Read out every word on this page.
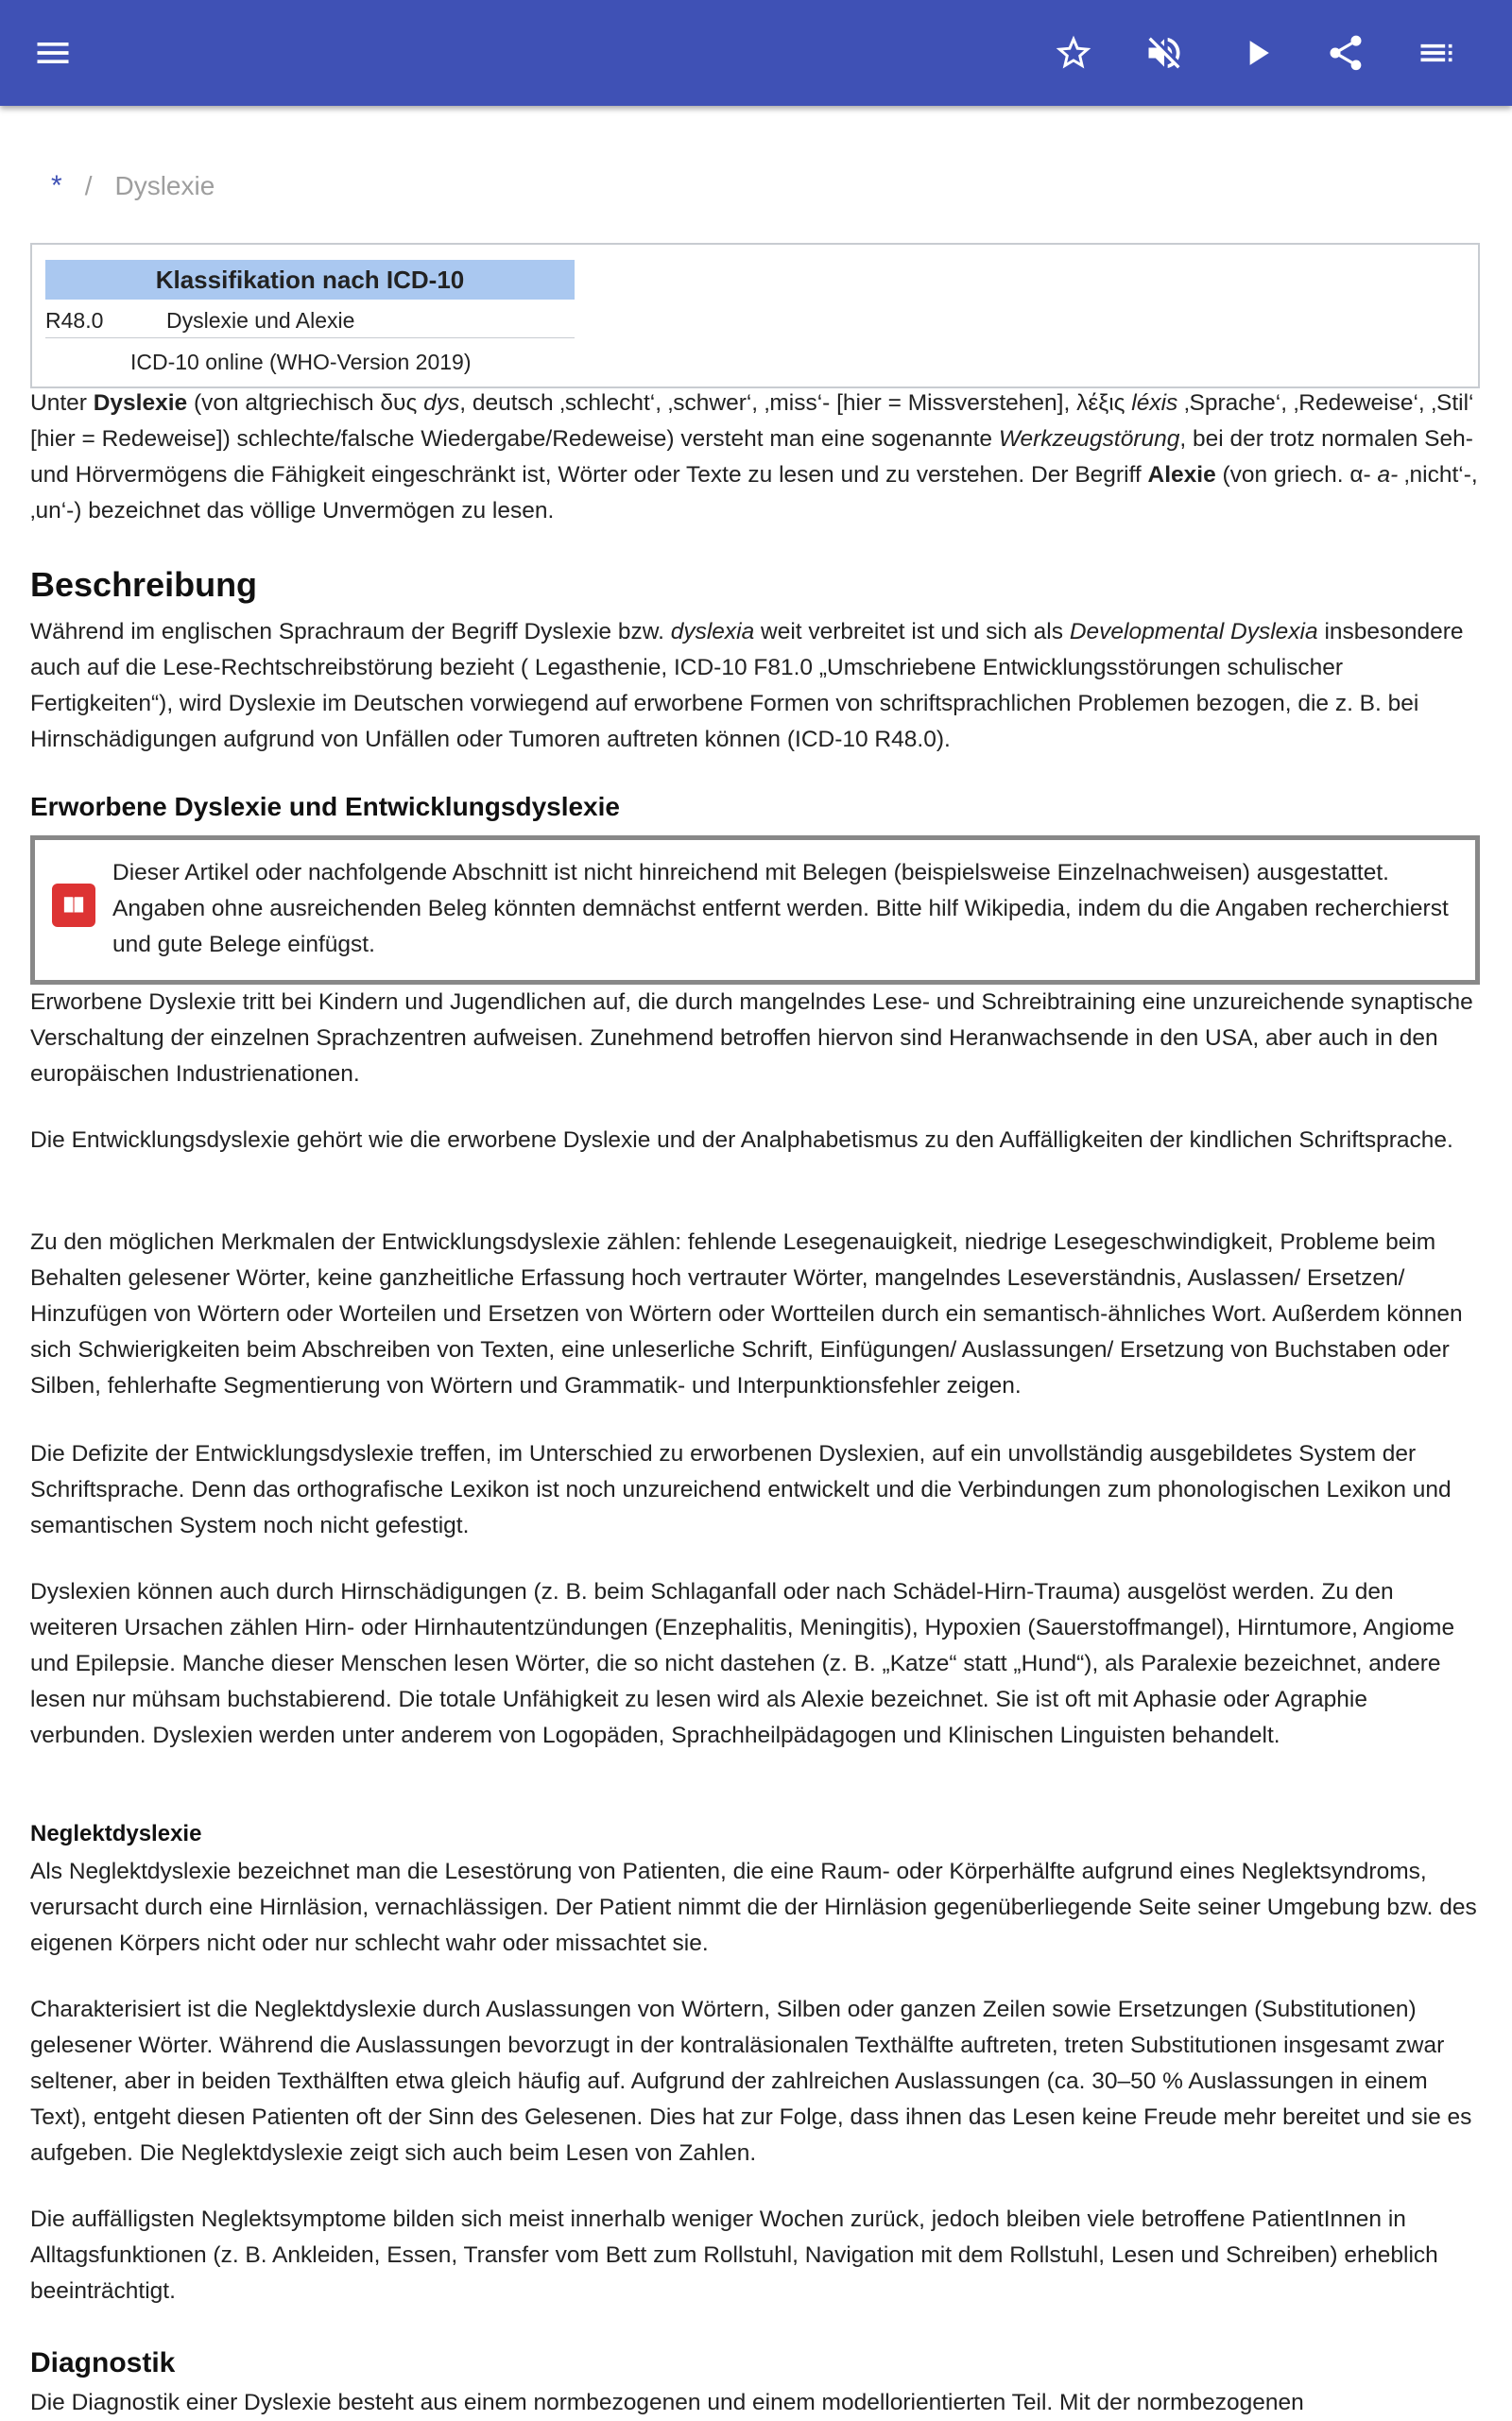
* / Dyslexie
Klassifikation nach ICD-10
R48.0	Dyslexie und Alexie
ICD-10 online (WHO-Version 2019)

Unter Dyslexie (von altgriechisch δυς dys, deutsch ‚schlecht‘, ‚schwer‘, ‚miss‘- [hier = Missverstehen], λέξις léxis ‚Sprache‘, ‚Redeweise‘, ‚Stil‘ [hier = Redeweise]) schlechte/falsche Wiedergabe/Redeweise) versteht man eine sogenannte Werkzeugstörung, bei der trotz normalen Seh- und Hörvermögens die Fähigkeit eingeschränkt ist, Wörter oder Texte zu lesen und zu verstehen. Der Begriff Alexie (von griech. α- a- ‚nicht‘-, ‚un‘-) bezeichnet das völlige Unvermögen zu lesen.

Beschreibung

Während im englischen Sprachraum der Begriff Dyslexie bzw. dyslexia weit verbreitet ist und sich als Developmental Dyslexia insbesondere auch auf die Lese-Rechtschreibstörung bezieht ( Legasthenie, ICD-10 F81.0 „Umschriebene Entwicklungsstörungen schulischer Fertigkeiten“), wird Dyslexie im Deutschen vorwiegend auf erworbene Formen von schriftsprachlichen Problemen bezogen, die z. B. bei Hirnschädigungen aufgrund von Unfällen oder Tumoren auftreten können (ICD-10 R48.0).

Erworbene Dyslexie und Entwicklungsdyslexie
Dieser Artikel oder nachfolgende Abschnitt ist nicht hinreichend mit Belegen (beispielsweise Einzelnachweisen) ausgestattet. Angaben ohne ausreichenden Beleg könnten demnächst entfernt werden. Bitte hilf Wikipedia, indem du die Angaben recherchierst und gute Belege einfügst.

Erworbene Dyslexie tritt bei Kindern und Jugendlichen auf, die durch mangelndes Lese- und Schreibtraining eine unzureichende synaptische Verschaltung der einzelnen Sprachzentren aufweisen. Zunehmend betroffen hiervon sind Heranwachsende in den USA, aber auch in den europäischen Industrienationen.

Die Entwicklungsdyslexie gehört wie die erworbene Dyslexie und der Analphabetismus zu den Auffälligkeiten der kindlichen Schriftsprache.

Zu den möglichen Merkmalen der Entwicklungsdyslexie zählen: fehlende Lesegenauigkeit, niedrige Lesegeschwindigkeit, Probleme beim Behalten gelesener Wörter, keine ganzheitliche Erfassung hoch vertrauter Wörter, mangelndes Leseverständnis, Auslassen/ Ersetzen/ Hinzufügen von Wörtern oder Worteilen und Ersetzen von Wörtern oder Wortteilen durch ein semantisch-ähnliches Wort. Außerdem können sich Schwierigkeiten beim Abschreiben von Texten, eine unleserliche Schrift, Einfügungen/ Auslassungen/ Ersetzung von Buchstaben oder Silben, fehlerhafte Segmentierung von Wörtern und Grammatik- und Interpunktionsfehler zeigen.

Die Defizite der Entwicklungsdyslexie treffen, im Unterschied zu erworbenen Dyslexien, auf ein unvollständig ausgebildetes System der Schriftsprache. Denn das orthografische Lexikon ist noch unzureichend entwickelt und die Verbindungen zum phonologischen Lexikon und semantischen System noch nicht gefestigt.

Dyslexien können auch durch Hirnschädigungen (z. B. beim Schlaganfall oder nach Schädel-Hirn-Trauma) ausgelöst werden. Zu den weiteren Ursachen zählen Hirn- oder Hirnhautentzündungen (Enzephalitis, Meningitis), Hypoxien (Sauerstoffmangel), Hirntumore, Angiome und Epilepsie. Manche dieser Menschen lesen Wörter, die so nicht dastehen (z. B. „Katze“ statt „Hund“), als Paralexie bezeichnet, andere lesen nur mühsam buchstabierend. Die totale Unfähigkeit zu lesen wird als Alexie bezeichnet. Sie ist oft mit Aphasie oder Agraphie verbunden. Dyslexien werden unter anderem von Logopäden, Sprachheilpädagogen und Klinischen Linguisten behandelt.

Neglektdyslexie

Als Neglektdyslexie bezeichnet man die Lesestörung von Patienten, die eine Raum- oder Körperhälfte aufgrund eines Neglektsyndroms, verursacht durch eine Hirnläsion, vernachlässigen. Der Patient nimmt die der Hirnläsion gegenüberliegende Seite seiner Umgebung bzw. des eigenen Körpers nicht oder nur schlecht wahr oder missachtet sie.

Charakterisiert ist die Neglektdyslexie durch Auslassungen von Wörtern, Silben oder ganzen Zeilen sowie Ersetzungen (Substitutionen) gelesener Wörter. Während die Auslassungen bevorzugt in der kontraläsionalen Texthälfte auftreten, treten Substitutionen insgesamt zwar seltener, aber in beiden Texthälften etwa gleich häufig auf. Aufgrund der zahlreichen Auslassungen (ca. 30–50 % Auslassungen in einem Text), entgeht diesen Patienten oft der Sinn des Gelesenen. Dies hat zur Folge, dass ihnen das Lesen keine Freude mehr bereitet und sie es aufgeben. Die Neglektdyslexie zeigt sich auch beim Lesen von Zahlen.

Die auffälligsten Neglektsymptome bilden sich meist innerhalb weniger Wochen zurück, jedoch bleiben viele betroffene PatientInnen in Alltagsfunktionen (z. B. Ankleiden, Essen, Transfer vom Bett zum Rollstuhl, Navigation mit dem Rollstuhl, Lesen und Schreiben) erheblich beeinträchtigt.

Diagnostik

Die Diagnostik einer Dyslexie besteht aus einem normbezogenen und einem modellorientierten Teil. Mit der normbezogenen
